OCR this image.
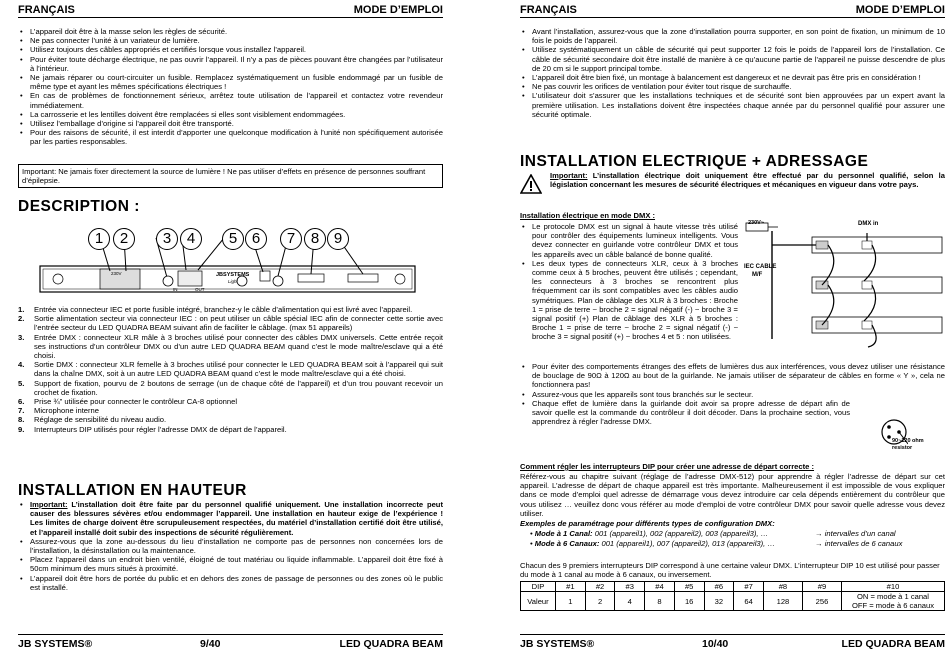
FRANÇAIS	MODE D’EMPLOI
• L’appareil doit être à la masse selon les règles de sécurité.
• Ne pas connecter l’unité à un variateur de lumière.
• Utilisez toujours des câbles appropriés et certifiés lorsque vous installez l’appareil.
• Pour éviter toute décharge électrique, ne pas ouvrir l’appareil. Il n’y a pas de pièces pouvant être changées par l’utilisateur à l’intérieur.
• Ne jamais réparer ou court-circuiter un fusible. Remplacez systématiquement un fusible endommagé par un fusible de même type et ayant les mêmes spécifications électriques !
• En cas de problèmes de fonctionnement sérieux, arrêtez toute utilisation de l’appareil et contactez votre revendeur immédiatement.
• La carrosserie et les lentilles doivent être remplacées si elles sont visiblement endommagées.
• Utilisez l’emballage d’origine si l’appareil doit être transporté.
• Pour des raisons de sécurité, il est interdit d’apporter une quelconque modification à l’unité non spécifiquement autorisée par les parties responsables.
Important: Ne jamais fixer directement la source de lumière ! Ne pas utiliser d’effets en présence de personnes souffrant d’épilepsie.
DESCRIPTION :
1	2	3	4	5 6	7	8 9
JBSYSTEMS
Light
230V
IN	OUT
1. Entrée via connecteur IEC et porte fusible intégré, branchez-y le câble d’alimentation qui est livré avec l’appareil.
2. Sortie alimentation secteur via connecteur IEC : on peut utiliser un câble spécial IEC afin de connecter cette sortie avec l’entrée secteur du LED QUADRA BEAM suivant afin de faciliter le câblage. (max 51 appareils)
3. Entrée DMX : connecteur XLR mâle à 3 broches utilisé pour connecter des câbles DMX universels. Cette entrée reçoit ses instructions d’un contrôleur DMX ou d’un autre LED QUADRA BEAM quand c’est le mode maître/esclave qui a été choisi.
4. Sortie DMX : connecteur XLR femelle à 3 broches utilisé pour connecter le LED QUADRA BEAM soit à l’appareil qui suit dans la chaîne DMX, soit à un autre LED QUADRA BEAM quand c’est le mode maître/esclave qui a été choisi.
5. Support de fixation, pourvu de 2 boutons de serrage (un de chaque côté de l’appareil) et d’un trou pouvant recevoir un crochet de fixation.
6. Prise ¾” utilisée pour connecter le contrôleur CA-8 optionnel
7. Microphone interne
8. Réglage de sensibilité du niveau audio.
9. Interrupteurs DIP utilisés pour régler l’adresse DMX de départ de l’appareil.
INSTALLATION EN HAUTEUR
• Important: L’installation doit être faite par du personnel qualifié uniquement. Une installation incorrecte peut causer des blessures sévères et/ou endommager l’appareil. Une installation en hauteur exige de l’expérience ! Les limites de charge doivent être scrupuleusement respectées, du matériel d’installation certifié doit être utilisé, et l’appareil installé doit subir des inspections de sécurité régulièrement.
• Assurez-vous que la zone au-dessous du lieu d’installation ne comporte pas de personnes non concernées lors de l’installation, la désinstallation ou la maintenance.
• Placez l’appareil dans un endroit bien ventilé, éloigné de tout matériau ou liquide inflammable. L’appareil doit être fixé à 50cm minimum des murs situés à proximité.
• L’appareil doit être hors de portée du public et en dehors des zones de passage de personnes ou des zones où le public est installé.
JB SYSTEMS®	9/40	LED QUADRA BEAM
FRANÇAIS	MODE D’EMPLOI
• Avant l’installation, assurez-vous que la zone d’installation pourra supporter, en son point de fixation, un minimum de 10 fois le poids de l’appareil.
• Utilisez systématiquement un câble de sécurité qui peut supporter 12 fois le poids de l’appareil lors de l’installation. Ce câble de sécurité secondaire doit être installé de manière à ce qu’aucune partie de l’appareil ne puisse descendre de plus de 20 cm si le support principal tombe.
• L’appareil doit être bien fixé, un montage à balancement est dangereux et ne devrait pas être pris en considération !
• Ne pas couvrir les orifices de ventilation pour éviter tout risque de surchauffe.
• L’utilisateur doit s’assurer que les installations techniques et de sécurité sont bien approuvées par un expert avant la première utilisation. Les installations doivent être inspectées chaque année par du personnel qualifié pour assurer une sécurité optimale.
INSTALLATION ELECTRIQUE + ADRESSAGE
Important: L’installation électrique doit uniquement être effectué par du personnel qualifié, selon la législation concernant les mesures de sécurité électriques et mécaniques en vigueur dans votre pays.
Installation électrique en mode DMX :
• Le protocole DMX est un signal à haute vitesse très utilisé pour contrôler des équipements lumineux intelligents. Vous devez connecter en guirlande votre contrôleur DMX et tous les appareils avec un câble balancé de bonne qualité.
• Les deux types de connecteurs XLR, ceux à 3 broches comme ceux à 5 broches, peuvent être utilisés ; cependant, les connecteurs à 3 broches se rencontrent plus fréquemment car ils sont compatibles avec les câbles audio symétriques. Plan de câblage des XLR à 3 broches : Broche 1 = prise de terre ~ broche 2 = signal négatif (-) ~ broche 3 = signal positif (+) Plan de câblage des XLR à 5 broches : Broche 1 = prise de terre ~ broche 2 = signal négatif (-) ~ broche 3 = signal positif (+) ~ broches 4 et 5 : non utilisées.
230V~	DMX in
IEC CABLE
M/F
• Pour éviter des comportements étranges des effets de lumières dus aux interférences, vous devez utiliser une résistance de bouclage de 90Ω à 120Ω au bout de la guirlande. Ne jamais utiliser de séparateur de câbles en forme « Y », cela ne fonctionnera pas!
• Assurez-vous que les appareils sont tous branchés sur le secteur.
• Chaque effet de lumière dans la guirlande doit avoir sa propre adresse de départ afin de savoir quelle est la commande du contrôleur il doit décoder. Dans la prochaine section, vous apprendrez à régler l’adresse DMX.
90~120 ohm resistor
Comment régler les interrupteurs DIP pour créer une adresse de départ correcte :
Référez-vous au chapitre suivant (réglage de l’adresse DMX-512) pour apprendre à régler l’adresse de départ sur cet appareil. L’adresse de départ de chaque appareil est très importante. Malheureusement il est impossible de vous expliquer dans ce mode d’emploi quel adresse de démarrage vous devez introduire car cela dépends entièrement du contrôleur que vous utilisez … veuillez donc vous référer au mode d’emploi de votre contrôleur DMX pour savoir quelle adresse vous devez utiliser.
Exemples de paramétrage pour différents types de configuration DMX:
• Mode à 1 Canal: 001 (appareil1), 002 (appareil2), 003 (appareil3), …	→ intervalles d’un canal
• Mode à 6 Canaux: 001 (appareil1), 007 (appareil2), 013 (appareil3), …	→ intervalles de 6 canaux
Chacun des 9 premiers interrupteurs DIP correspond à une certaine valeur DMX. L’interrupteur DIP 10 est utilisé pour passer du mode à 1 canal au mode à 6 canaux, ou inversement.
DIP	#1	#2	#3	#4	#5	#6	#7	#8	#9	#10
Valeur	1	2	4	8	16	32	64	128	256	ON = mode à 1 canal
OFF = mode à 6 canaux
JB SYSTEMS®	10/40	LED QUADRA BEAM
